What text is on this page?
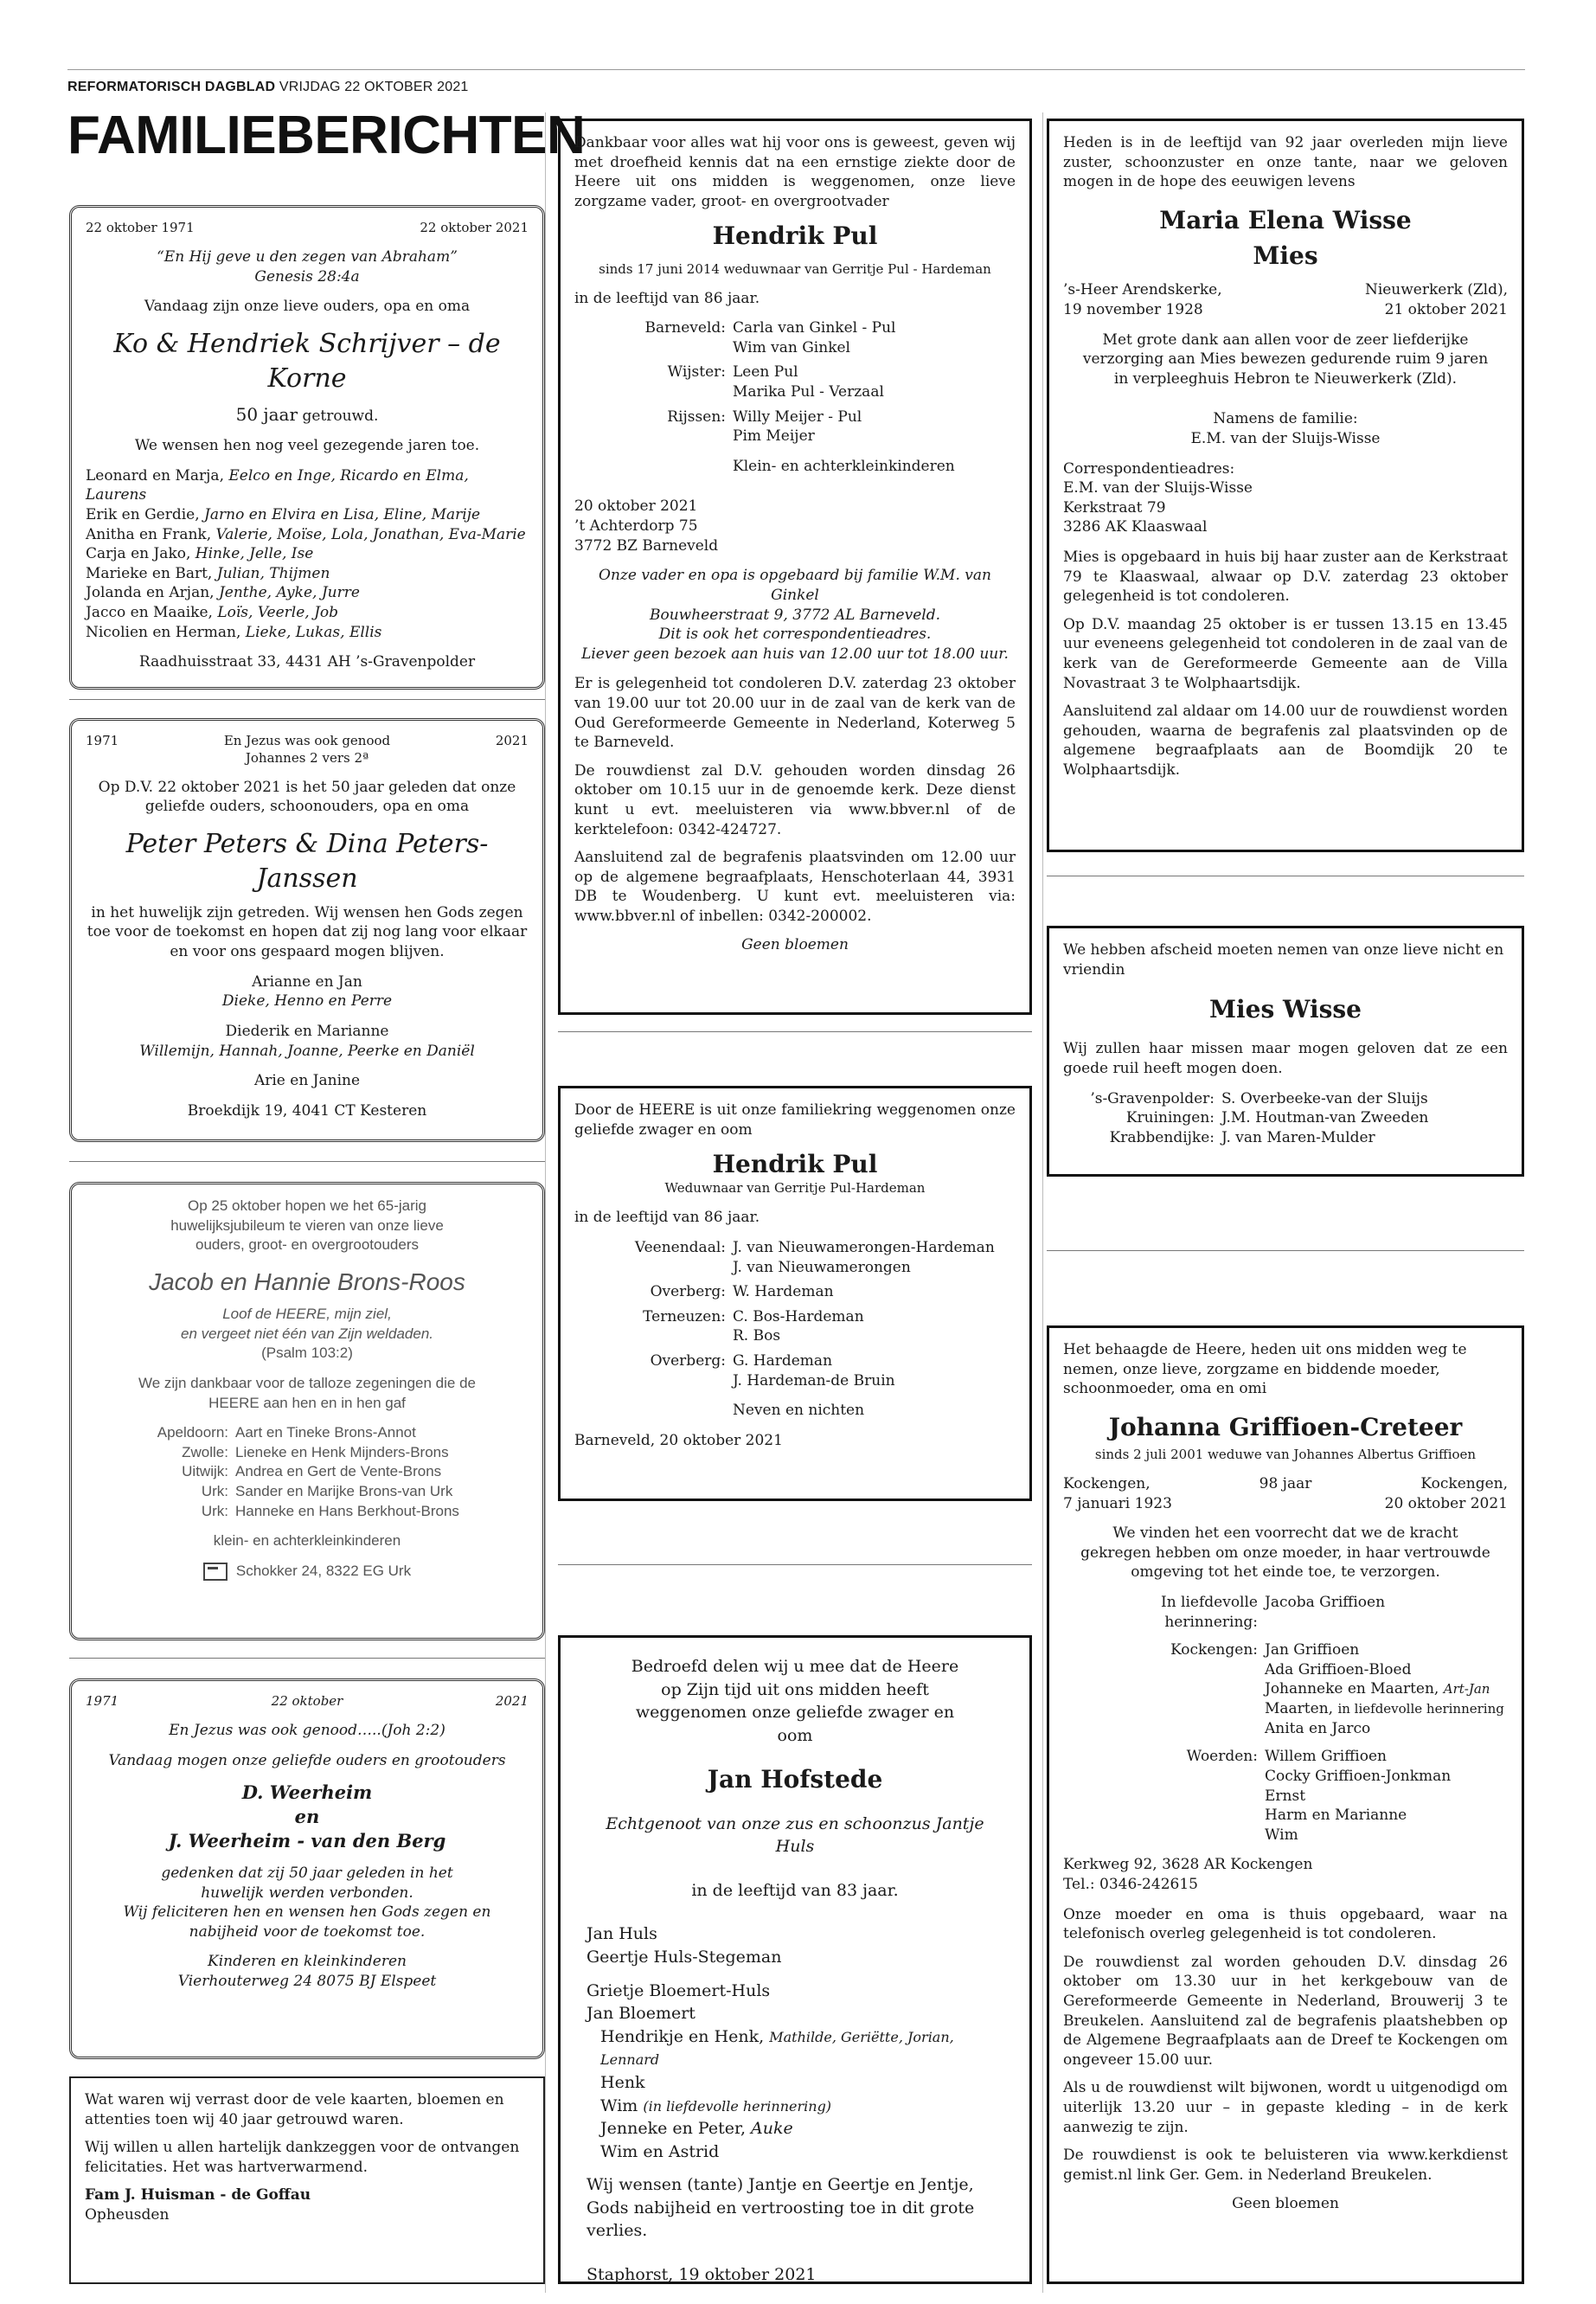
REFORMATORISCH DAGBLAD VRIJDAG 22 OKTOBER 2021
FAMILIEBERICHTEN
22 oktober 1971	22 oktober 2021
“En Hij geve u den zegen van Abraham”
Genesis 28:4a
Vandaag zijn onze lieve ouders, opa en oma
Ko & Hendriek Schrijver – de Korne
50 jaar getrouwd.
We wensen hen nog veel gezegende jaren toe.
Leonard en Marja, Eelco en Inge, Ricardo en Elma, Laurens
Erik en Gerdie, Jarno en Elvira en Lisa, Eline, Marije
Anitha en Frank, Valerie, Moïse, Lola, Jonathan, Eva-Marie
Carja en Jako, Hinke, Jelle, Ise
Marieke en Bart, Julian, Thijmen
Jolanda en Arjan, Jenthe, Ayke, Jurre
Jacco en Maaike, Loïs, Veerle, Job
Nicolien en Herman, Lieke, Lukas, Ellis
Raadhuisstraat 33, 4431 AH ’s-Gravenpolder
1971	En Jezus was ook genood	2021
Johannes 2 vers 2ª
Op D.V. 22 oktober 2021 is het 50 jaar geleden dat onze geliefde ouders, schoonouders, opa en oma
Peter Peters & Dina Peters-Janssen
in het huwelijk zijn getreden. Wij wensen hen Gods zegen toe voor de toekomst en hopen dat zij nog lang voor elkaar en voor ons gespaard mogen blijven.
Arianne en Jan
Dieke, Henno en Perre
Diederik en Marianne
Willemijn, Hannah, Joanne, Peerke en Daniël
Arie en Janine
Broekdijk 19, 4041 CT Kesteren
Op 25 oktober hopen we het 65-jarig huwelijksjubileum te vieren van onze lieve ouders, groot- en overgrootouders
Jacob en Hannie Brons-Roos
Loof de HEERE, mijn ziel,
en vergeet niet één van Zijn weldaden.
(Psalm 103:2)
We zijn dankbaar voor de talloze zegeningen die de HEERE aan hen en in hen gaf
Apeldoorn: Aart en Tineke Brons-Annot
Zwolle: Lieneke en Henk Mijnders-Brons
Uitwijk: Andrea en Gert de Vente-Brons
Urk: Sander en Marijke Brons-van Urk
Urk: Hanneke en Hans Berkhout-Brons
klein- en achterkleinkinderen
Schokker 24, 8322 EG Urk
1971	22 oktober	2021
En Jezus was ook genood…..(Joh 2:2)
Vandaag mogen onze geliefde ouders en grootouders
D. Weerheim
en
J. Weerheim - van den Berg
gedenken dat zij 50 jaar geleden in het huwelijk werden verbonden.
Wij feliciteren hen en wensen hen Gods zegen en nabijheid voor de toekomst toe.
Kinderen en kleinkinderen
Vierhouterweg 24 8075 BJ Elspeet

Wat waren wij verrast door de vele kaarten, bloemen en attenties toen wij 40 jaar getrouwd waren.

Wij willen u allen hartelijk dankzeggen voor de ontvangen felicitaties. Het was hartverwarmend.

Fam J. Huisman - de Goffau
Opheusden
Dankbaar voor alles wat hij voor ons is geweest, geven wij met droefheid kennis dat na een ernstige ziekte door de Heere uit ons midden is weggenomen, onze lieve zorgzame vader, groot- en overgrootvader
Hendrik Pul
sinds 17 juni 2014 weduwnaar van Gerritje Pul - Hardeman
in de leeftijd van 86 jaar.
Barneveld: Carla van Ginkel - Pul
Wim van Ginkel
Wijster: Leen Pul
Marika Pul - Verzaal
Rijssen: Willy Meijer - Pul
Pim Meijer
Klein- en achterkleinkinderen
20 oktober 2021
’t Achterdorp 75
3772 BZ Barneveld
Onze vader en opa is opgebaard bij familie W.M. van Ginkel
Bouwheerstraat 9, 3772 AL Barneveld.
Dit is ook het correspondentieadres.
Liever geen bezoek aan huis van 12.00 uur tot 18.00 uur.

Er is gelegenheid tot condoleren D.V. zaterdag 23 oktober van 19.00 uur tot 20.00 uur in de zaal van de kerk van de Oud Gereformeerde Gemeente in Nederland, Koterweg 5 te Barneveld.

De rouwdienst zal D.V. gehouden worden dinsdag 26 oktober om 10.15 uur in de genoemde kerk. Deze dienst kunt u evt. meeluisteren via www.bbver.nl of de kerktelefoon: 0342-424727.

Aansluitend zal de begrafenis plaatsvinden om 12.00 uur op de algemene begraafplaats, Henschoterlaan 44, 3931 DB te Woudenberg. U kunt evt. meeluisteren via: www.bbver.nl of inbellen: 0342-200002.

Geen bloemen
Door de HEERE is uit onze familiekring weggenomen onze geliefde zwager en oom
Hendrik Pul
Weduwnaar van Gerritje Pul-Hardeman
in de leeftijd van 86 jaar.
Veenendaal: J. van Nieuwamerongen-Hardeman
J. van Nieuwamerongen
Overberg: W. Hardeman
Terneuzen: C. Bos-Hardeman
R. Bos
Overberg: G. Hardeman
J. Hardeman-de Bruin
Neven en nichten
Barneveld, 20 oktober 2021
Bedroefd delen wij u mee dat de Heere op Zijn tijd uit ons midden heeft weggenomen onze geliefde zwager en oom
Jan Hofstede
Echtgenoot van onze zus en schoonzus Jantje Huls
in de leeftijd van 83 jaar.
Jan Huls
Geertje Huls-Stegeman
Grietje Bloemert-Huls
Jan Bloemert
Hendrikje en Henk, Mathilde, Geriëtte, Jorian, Lennard
Henk
Wim (in liefdevolle herinnering)
Jenneke en Peter, Auke
Wim en Astrid
Wij wensen (tante) Jantje en Geertje en Jentje, Gods nabijheid en vertroosting toe in dit grote verlies.
Staphorst, 19 oktober 2021
Heden is in de leeftijd van 92 jaar overleden mijn lieve zuster, schoonzuster en onze tante, naar we geloven mogen in de hope des eeuwigen levens
Maria Elena Wisse
Mies
’s-Heer Arendskerke,	Nieuwerkerk (Zld),
19 november 1928	21 oktober 2021
Met grote dank aan allen voor de zeer liefderijke verzorging aan Mies bewezen gedurende ruim 9 jaren in verpleeghuis Hebron te Nieuwerkerk (Zld).
Namens de familie:
E.M. van der Sluijs-Wisse
Correspondentieadres:
E.M. van der Sluijs-Wisse
Kerkstraat 79
3286 AK Klaaswaal

Mies is opgebaard in huis bij haar zuster aan de Kerkstraat 79 te Klaaswaal, alwaar op D.V. zaterdag 23 oktober gelegenheid is tot condoleren.

Op D.V. maandag 25 oktober is er tussen 13.15 en 13.45 uur eveneens gelegenheid tot condoleren in de zaal van de kerk van de Gereformeerde Gemeente aan de Villa Novastraat 3 te Wolphaartsdijk.

Aansluitend zal aldaar om 14.00 uur de rouwdienst worden gehouden, waarna de begrafenis zal plaatsvinden op de algemene begraafplaats aan de Boomdijk 20 te Wolphaartsdijk.

We hebben afscheid moeten nemen van onze lieve nicht en vriendin
Mies Wisse
Wij zullen haar missen maar mogen geloven dat ze een goede ruil heeft mogen doen.
’s-Gravenpolder: S. Overbeeke-van der Sluijs
Kruiningen: J.M. Houtman-van Zweeden
Krabbendijke: J. van Maren-Mulder
Het behaagde de Heere, heden uit ons midden weg te nemen, onze lieve, zorgzame en biddende moeder, schoonmoeder, oma en omi
Johanna Griffioen-Creteer
sinds 2 juli 2001 weduwe van Johannes Albertus Griffioen
Kockengen,	98 jaar	Kockengen,
7 januari 1923	20 oktober 2021
We vinden het een voorrecht dat we de kracht gekregen hebben om onze moeder, in haar vertrouwde omgeving tot het einde toe, te verzorgen.
In liefdevolle herinnering:
Jacoba Griffioen
Kockengen: Jan Griffioen
Ada Griffioen-Bloed
Johanneke en Maarten, Art-Jan
Maarten, in liefdevolle herinnering
Anita en Jarco
Woerden: Willem Griffioen
Cocky Griffioen-Jonkman
Ernst
Harm en Marianne
Wim
Kerkweg 92, 3628 AR Kockengen
Tel.: 0346-242615

Onze moeder en oma is thuis opgebaard, waar na telefonisch overleg gelegenheid is tot condoleren.

De rouwdienst zal worden gehouden D.V. dinsdag 26 oktober om 13.30 uur in het kerkgebouw van de Gereformeerde Gemeente in Nederland, Brouwerij 3 te Breukelen. Aansluitend zal de begrafenis plaatshebben op de Algemene Begraafplaats aan de Dreef te Kockengen om ongeveer 15.00 uur.

Als u de rouwdienst wilt bijwonen, wordt u uitgenodigd om uiterlijk 13.20 uur – in gepaste kleding – in de kerk aanwezig te zijn.

De rouwdienst is ook te beluisteren via www.kerkdienst gemist.nl link Ger. Gem. in Nederland Breukelen.

Geen bloemen
